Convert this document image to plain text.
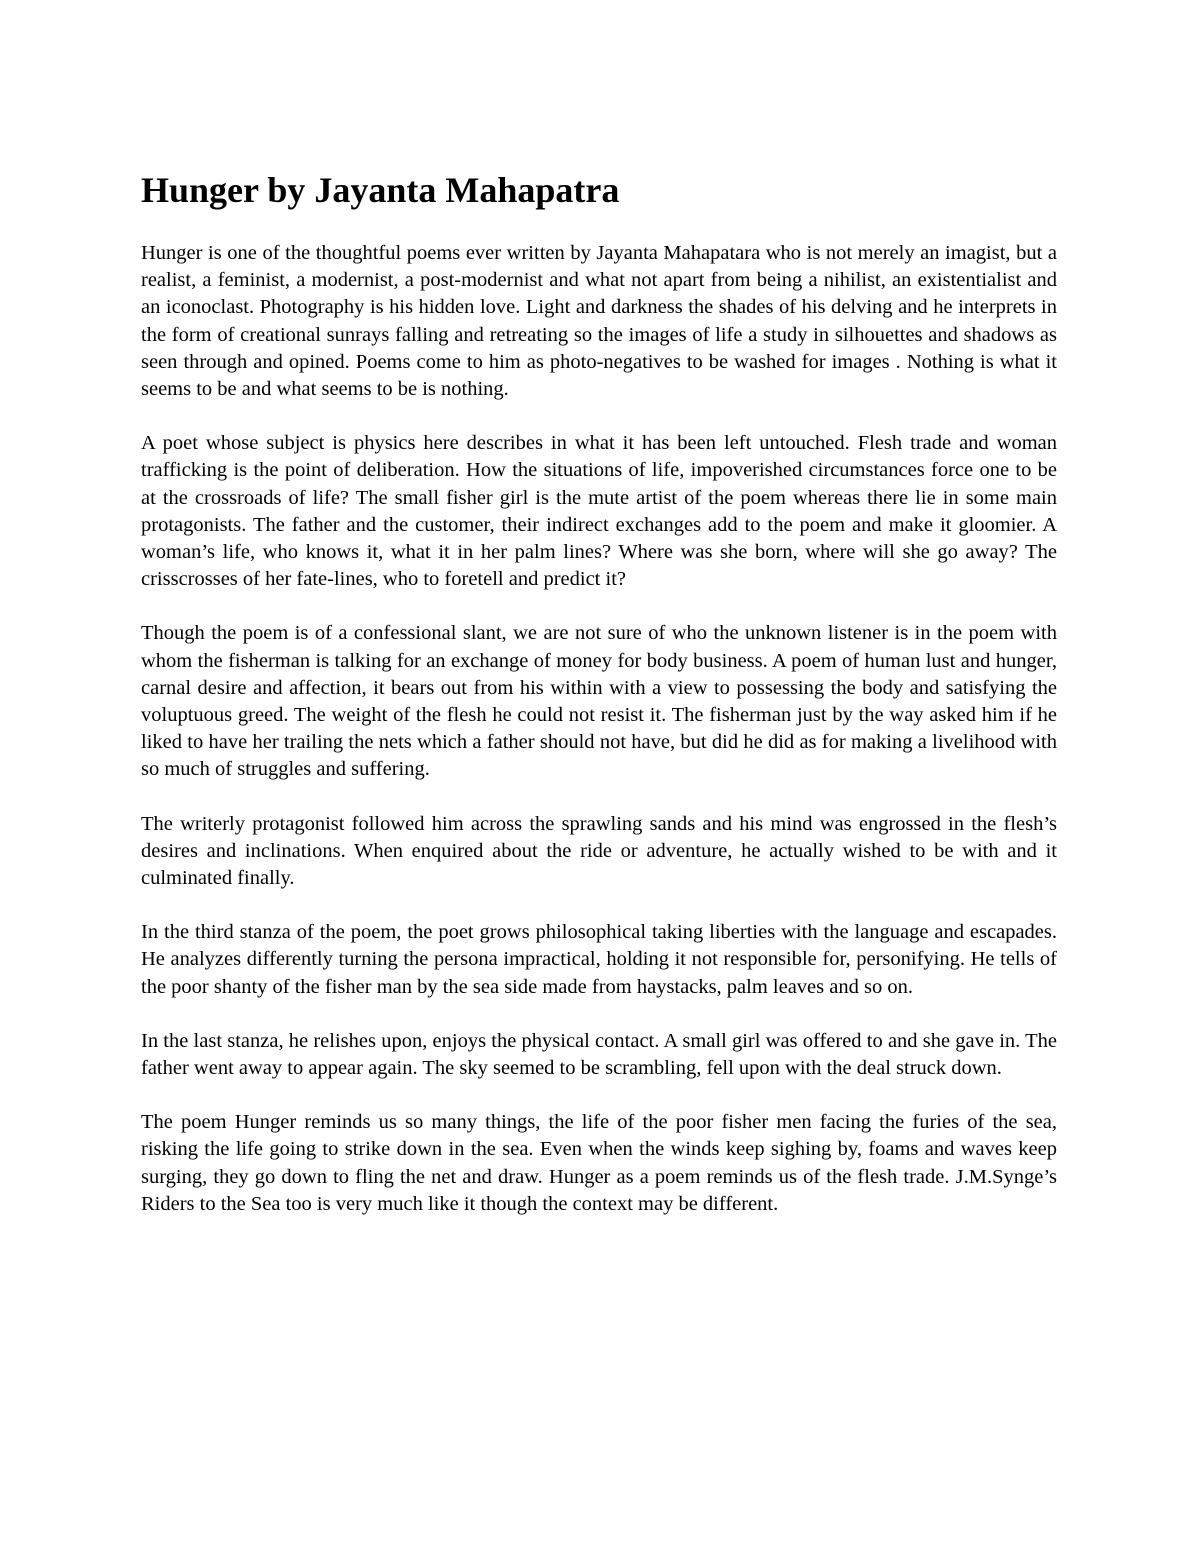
Hunger by Jayanta Mahapatra

Hunger is one of the thoughtful poems ever written by Jayanta Mahapatara who is not merely an imagist, but a realist, a feminist, a modernist, a post-modernist and what not apart from being a nihilist, an existentialist and an iconoclast. Photography is his hidden love. Light and darkness the shades of his delving and he interprets in the form of creational sunrays falling and retreating so the images of life a study in silhouettes and shadows as seen through and opined. Poems come to him as photo-negatives to be washed for images . Nothing is what it seems to be and what seems to be is nothing.

A poet whose subject is physics here describes in what it has been left untouched. Flesh trade and woman trafficking is the point of deliberation. How the situations of life, impoverished circumstances force one to be at the crossroads of life? The small fisher girl is the mute artist of the poem whereas there lie in some main protagonists. The father and the customer, their indirect exchanges add to the poem and make it gloomier. A woman’s life, who knows it, what it in her palm lines? Where was she born, where will she go away? The crisscrosses of her fate-lines, who to foretell and predict it?

Though the poem is of a confessional slant, we are not sure of who the unknown listener is in the poem with whom the fisherman is talking for an exchange of money for body business. A poem of human lust and hunger, carnal desire and affection, it bears out from his within with a view to possessing the body and satisfying the voluptuous greed. The weight of the flesh he could not resist it. The fisherman just by the way asked him if he liked to have her trailing the nets which a father should not have, but did he did as for making a livelihood with so much of struggles and suffering.

The writerly protagonist followed him across the sprawling sands and his mind was engrossed in the flesh’s desires and inclinations. When enquired about the ride or adventure, he actually wished to be with and it culminated finally.

In the third stanza of the poem, the poet grows philosophical taking liberties with the language and escapades. He analyzes differently turning the persona impractical, holding it not responsible for, personifying. He tells of the poor shanty of the fisher man by the sea side made from haystacks, palm leaves and so on.

In the last stanza, he relishes upon, enjoys the physical contact. A small girl was offered to and she gave in. The father went away to appear again. The sky seemed to be scrambling, fell upon with the deal struck down.

The poem Hunger reminds us so many things, the life of the poor fisher men facing the furies of the sea, risking the life going to strike down in the sea. Even when the winds keep sighing by, foams and waves keep surging, they go down to fling the net and draw. Hunger as a poem reminds us of the flesh trade. J.M.Synge’s Riders to the Sea too is very much like it though the context may be different.
